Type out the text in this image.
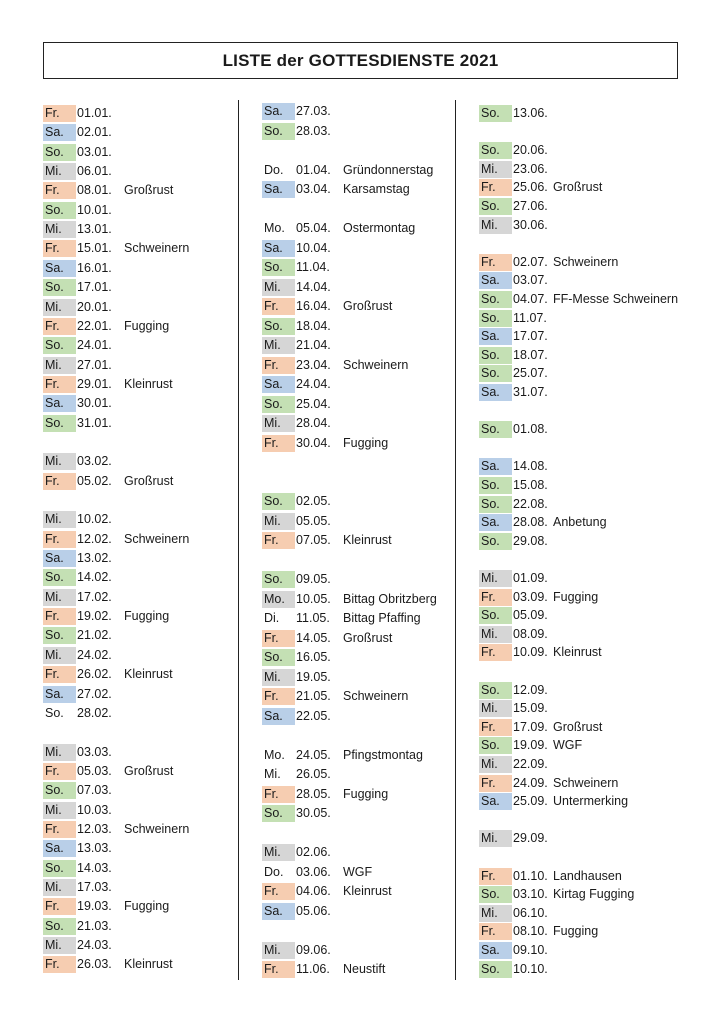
LISTE der GOTTESDIENSTE 2021
Fr.	01.01.
Sa.	02.01.
So.	03.01.
Mi.	06.01.
Fr.	08.01. Großrust
So.	10.01.
Mi.	13.01.
Fr.	15.01. Schweinern
Sa.	16.01.
So.	17.01.
Mi.	20.01.
Fr.	22.01. Fugging
So.	24.01.
Mi.	27.01.
Fr.	29.01. Kleinrust
Sa.	30.01.
So.	31.01.
Mi.	03.02.
Fr.	05.02. Großrust
Mi.	10.02.
Fr.	12.02. Schweinern
Sa.	13.02.
So.	14.02.
Mi.	17.02.
Fr.	19.02. Fugging
So.	21.02.
Mi.	24.02.
Fr.	26.02. Kleinrust
Sa.	27.02.
So.	28.02.
Mi.	03.03.
Fr.	05.03. Großrust
So.	07.03.
Mi.	10.03.
Fr.	12.03. Schweinern
Sa.	13.03.
So.	14.03.
Mi.	17.03.
Fr.	19.03. Fugging
So.	21.03.
Mi.	24.03.
Fr.	26.03. Kleinrust
Sa.	27.03.
So.	28.03.
Do.	01.04. Gründonnerstag
Sa.	03.04. Karsamstag
Mo. 05.04. Ostermontag
Sa.	10.04.
So.	11.04.
Mi.	14.04.
Fr.	16.04. Großrust
So.	18.04.
Mi.	21.04.
Fr.	23.04. Schweinern
Sa.	24.04.
So.	25.04.
Mi.	28.04.
Fr.	30.04. Fugging
So.	02.05.
Mi.	05.05.
Fr.	07.05. Kleinrust
So.	09.05.
Mo. 10.05. Bittag Obritzberg
Di.	11.05. Bittag Pfaffing
Fr.	14.05. Großrust
So.	16.05.
Mi.	19.05.
Fr.	21.05. Schweinern
Sa.	22.05.
Mo. 24.05. Pfingstmontag
Mi.	26.05.
Fr.	28.05. Fugging
So.	30.05.
Mi.	02.06.
Do.	03.06. WGF
Fr.	04.06. Kleinrust
Sa.	05.06.
Mi.	09.06.
Fr.	11.06. Neustift
So.	13.06.
So.	20.06.
Mi.	23.06.
Fr.	25.06. Großrust
So.	27.06.
Mi.	30.06.
Fr.	02.07. Schweinern
Sa.	03.07.
So.	04.07. FF-Messe Schweinern
So.	11.07.
Sa.	17.07.
So.	18.07.
So.	25.07.
Sa.	31.07.
So.	01.08.
Sa.	14.08.
So.	15.08.
So.	22.08.
Sa.	28.08. Anbetung
So.	29.08.
Mi.	01.09.
Fr.	03.09. Fugging
So.	05.09.
Mi.	08.09.
Fr.	10.09. Kleinrust
So.	12.09.
Mi.	15.09.
Fr.	17.09. Großrust
So.	19.09. WGF
Mi.	22.09.
Fr.	24.09. Schweinern
Sa.	25.09. Untermerking
Mi.	29.09.
Fr.	01.10. Landhausen
So.	03.10. Kirtag Fugging
Mi.	06.10.
Fr.	08.10. Fugging
Sa.	09.10.
So.	10.10.
